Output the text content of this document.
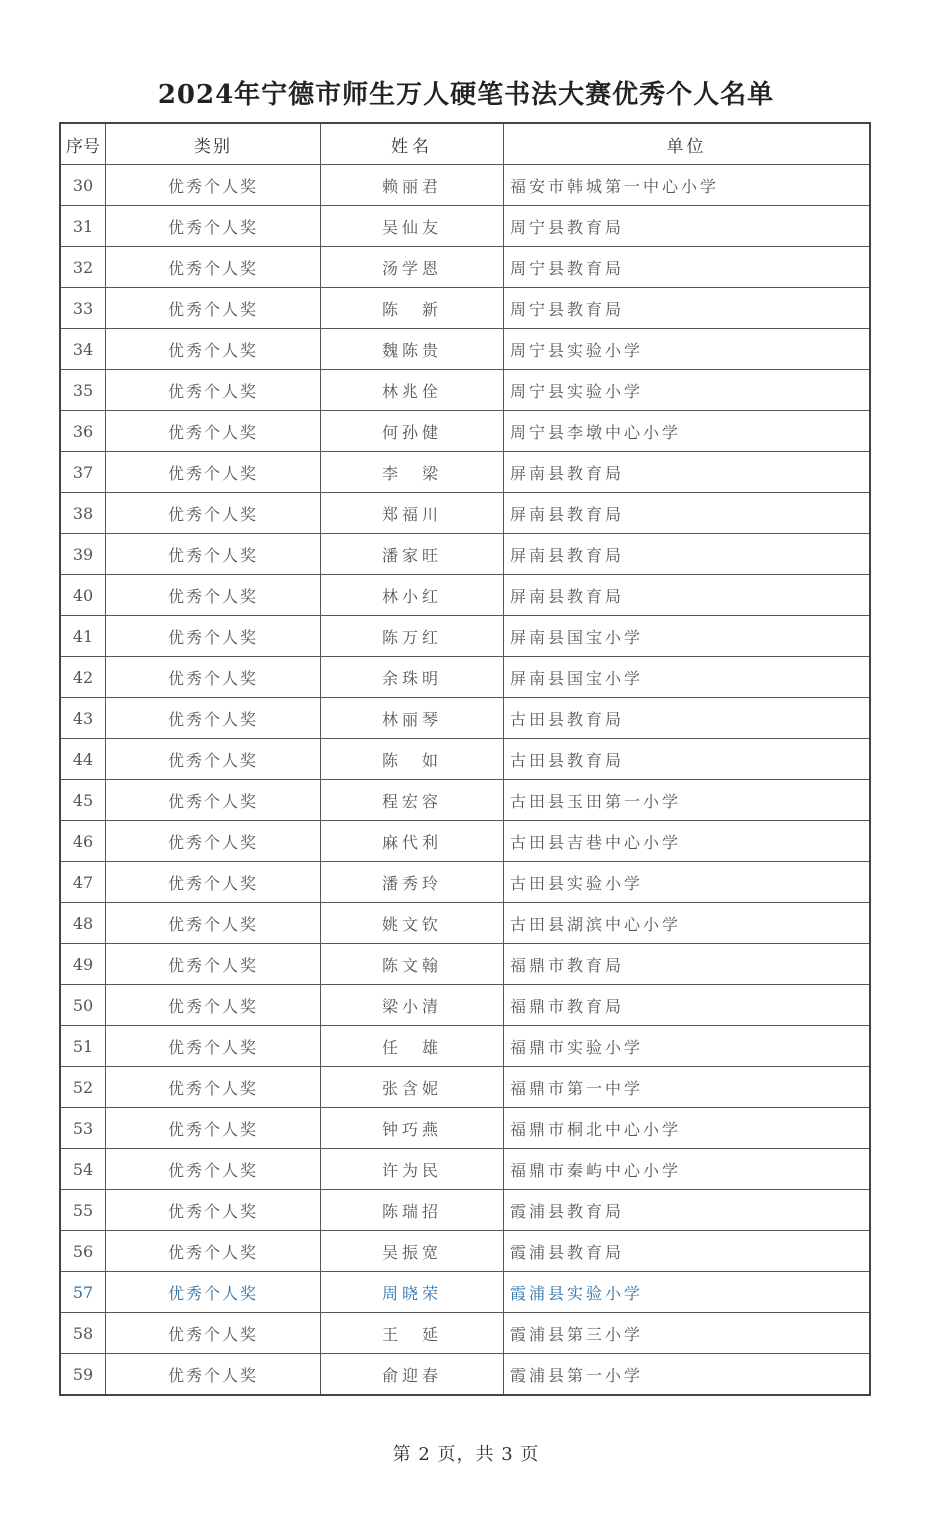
2024年宁德市师生万人硬笔书法大赛优秀个人名单
序号	类别	姓名	单位
30	优秀个人奖	赖丽君	福安市韩城第一中心小学
31	优秀个人奖	吴仙友	周宁县教育局
32	优秀个人奖	汤学恩	周宁县教育局
33	优秀个人奖	陈　新	周宁县教育局
34	优秀个人奖	魏陈贵	周宁县实验小学
35	优秀个人奖	林兆佺	周宁县实验小学
36	优秀个人奖	何孙健	周宁县李墩中心小学
37	优秀个人奖	李　梁	屏南县教育局
38	优秀个人奖	郑福川	屏南县教育局
39	优秀个人奖	潘家旺	屏南县教育局
40	优秀个人奖	林小红	屏南县教育局
41	优秀个人奖	陈万红	屏南县国宝小学
42	优秀个人奖	余珠明	屏南县国宝小学
43	优秀个人奖	林丽琴	古田县教育局
44	优秀个人奖	陈　如	古田县教育局
45	优秀个人奖	程宏容	古田县玉田第一小学
46	优秀个人奖	麻代利	古田县吉巷中心小学
47	优秀个人奖	潘秀玲	古田县实验小学
48	优秀个人奖	姚文钦	古田县湖滨中心小学
49	优秀个人奖	陈文翰	福鼎市教育局
50	优秀个人奖	梁小清	福鼎市教育局
51	优秀个人奖	任　雄	福鼎市实验小学
52	优秀个人奖	张含妮	福鼎市第一中学
53	优秀个人奖	钟巧燕	福鼎市桐北中心小学
54	优秀个人奖	许为民	福鼎市秦屿中心小学
55	优秀个人奖	陈瑞招	霞浦县教育局
56	优秀个人奖	吴振宽	霞浦县教育局
57	优秀个人奖	周晓荣	霞浦县实验小学
58	优秀个人奖	王　延	霞浦县第三小学
59	优秀个人奖	俞迎春	霞浦县第一小学
第 2 页，共 3 页
